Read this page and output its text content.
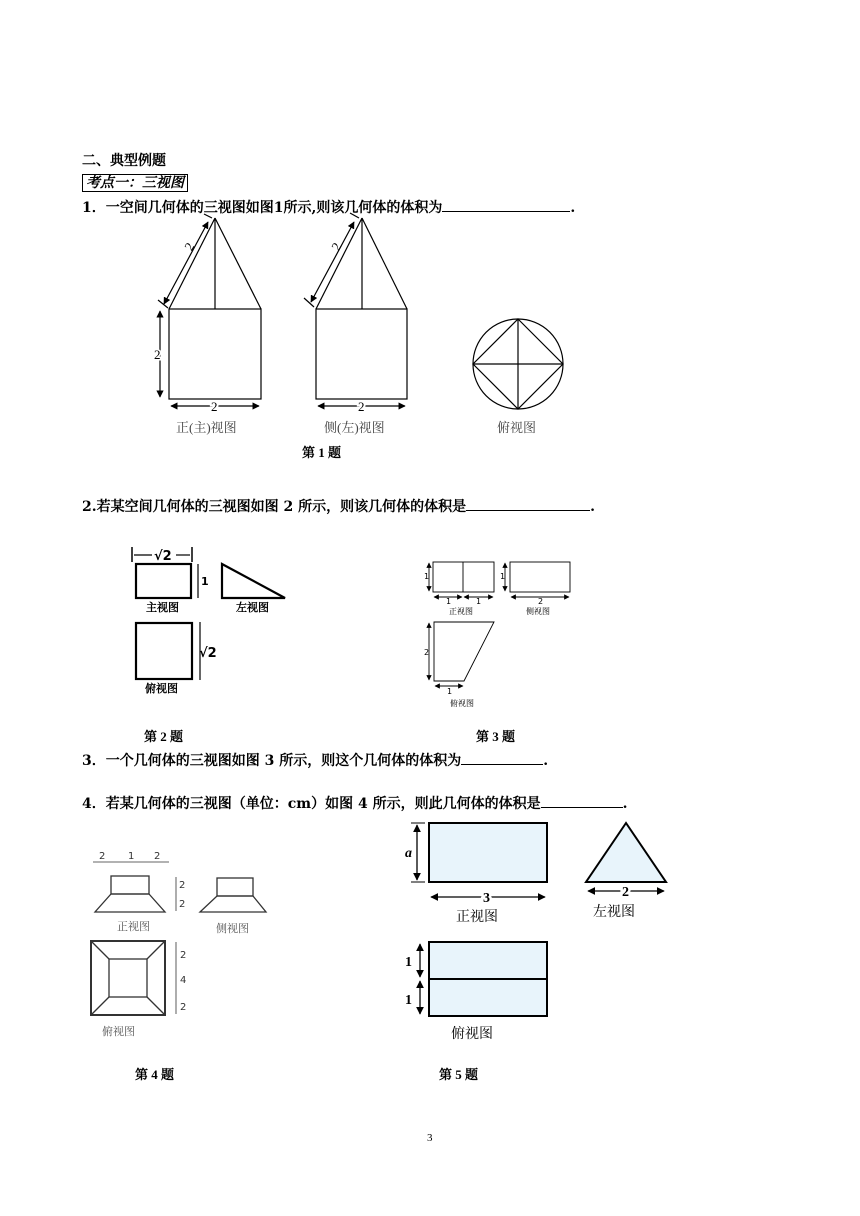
二、典型例题
考点一：三视图
1．一空间几何体的三视图如图1所示,则该几何体的体积为	.
2.若某空间几何体的三视图如图 2 所示，则该几何体的体积是	.
3．一个几何体的三视图如图 3 所示，则这个几何体的体积为	.
4．若某几何体的三视图（单位：cm）如图 4 所示，则此几何体的体积是	.
2
2
2
正(主)视图
2
2
侧(左)视图	俯视图
第 1 题
√2
1
主视图	左视图
√2
俯视图
第 2 题
1
1	1
正视图
1
2
侧视图
2
1
俯视图
第 3 题
2 1 2
2
2
正视图	侧视图
2
4
2
俯视图
第 4 题
a
3
正视图
2
左视图
1
1
俯视图
第 5 题
3
